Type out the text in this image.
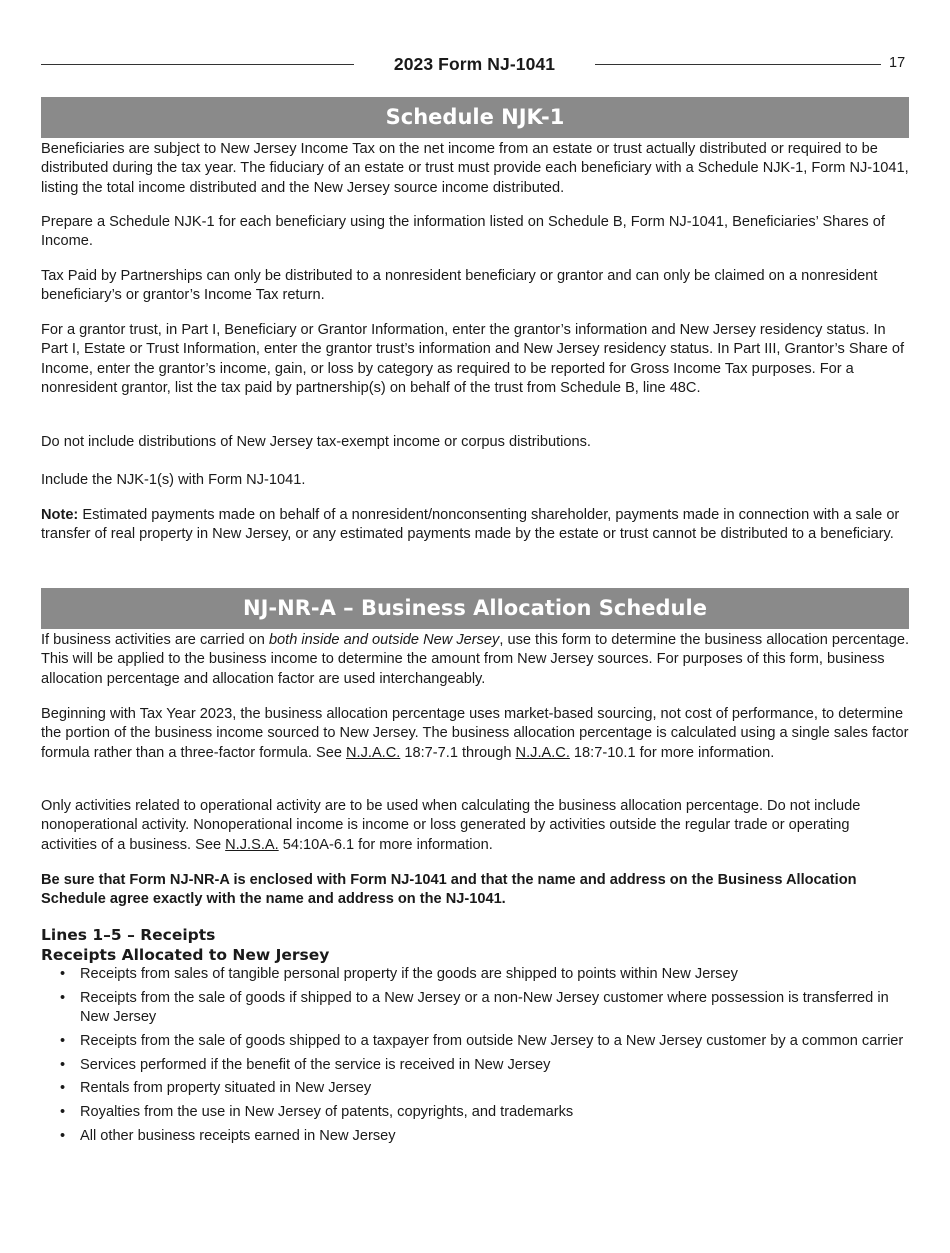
2023 Form NJ-1041	17
Schedule NJK-1

Beneficiaries are subject to New Jersey Income Tax on the net income from an estate or trust actually distributed or required to be distributed during the tax year. The fiduciary of an estate or trust must provide each beneficiary with a Schedule NJK-1, Form NJ-1041, listing the total income distributed and the New Jersey source income distributed.

Prepare a Schedule NJK-1 for each beneficiary using the information listed on Schedule B, Form NJ-1041, Beneficiaries’ Shares of Income.

Tax Paid by Partnerships can only be distributed to a nonresident beneficiary or grantor and can only be claimed on a nonresident beneficiary’s or grantor’s Income Tax return.

For a grantor trust, in Part I, Beneficiary or Grantor Information, enter the grantor’s information and New Jersey residency status. In Part I, Estate or Trust Information, enter the grantor trust’s information and New Jersey residency status. In Part III, Grantor’s Share of Income, enter the grantor’s income, gain, or loss by category as required to be reported for Gross Income Tax purposes. For a nonresident grantor, list the tax paid by partnership(s) on behalf of the trust from Schedule B, line 48C.

Do not include distributions of New Jersey tax-exempt income or corpus distributions.

Include the NJK-1(s) with Form NJ-1041.

Note: Estimated payments made on behalf of a nonresident/nonconsenting shareholder, payments made in connection with a sale or transfer of real property in New Jersey, or any estimated payments made by the estate or trust cannot be distributed to a beneficiary.

NJ-NR-A – Business Allocation Schedule

If business activities are carried on both inside and outside New Jersey, use this form to determine the business allocation percentage. This will be applied to the business income to determine the amount from New Jersey sources. For purposes of this form, business allocation percentage and allocation factor are used interchangeably.

Beginning with Tax Year 2023, the business allocation percentage uses market-based sourcing, not cost of performance, to determine the portion of the business income sourced to New Jersey. The business allocation percentage is calculated using a single sales factor formula rather than a three-factor formula. See N.J.A.C. 18:7-7.1 through N.J.A.C. 18:7-10.1 for more information.

Only activities related to operational activity are to be used when calculating the business allocation percentage. Do not include nonoperational activity. Nonoperational income is income or loss generated by activities outside the regular trade or operating activities of a business. See N.J.S.A. 54:10A-6.1 for more information.

Be sure that Form NJ-NR-A is enclosed with Form NJ-1041 and that the name and address on the Business Allocation Schedule agree exactly with the name and address on the NJ-1041.

Lines 1–5 – Receipts
Receipts Allocated to New Jersey
• Receipts from sales of tangible personal property if the goods are shipped to points within New Jersey
• Receipts from the sale of goods if shipped to a New Jersey or a non-New Jersey customer where possession is transferred in New Jersey
• Receipts from the sale of goods shipped to a taxpayer from outside New Jersey to a New Jersey customer by a common carrier
• Services performed if the benefit of the service is received in New Jersey
• Rentals from property situated in New Jersey
• Royalties from the use in New Jersey of patents, copyrights, and trademarks
• All other business receipts earned in New Jersey
